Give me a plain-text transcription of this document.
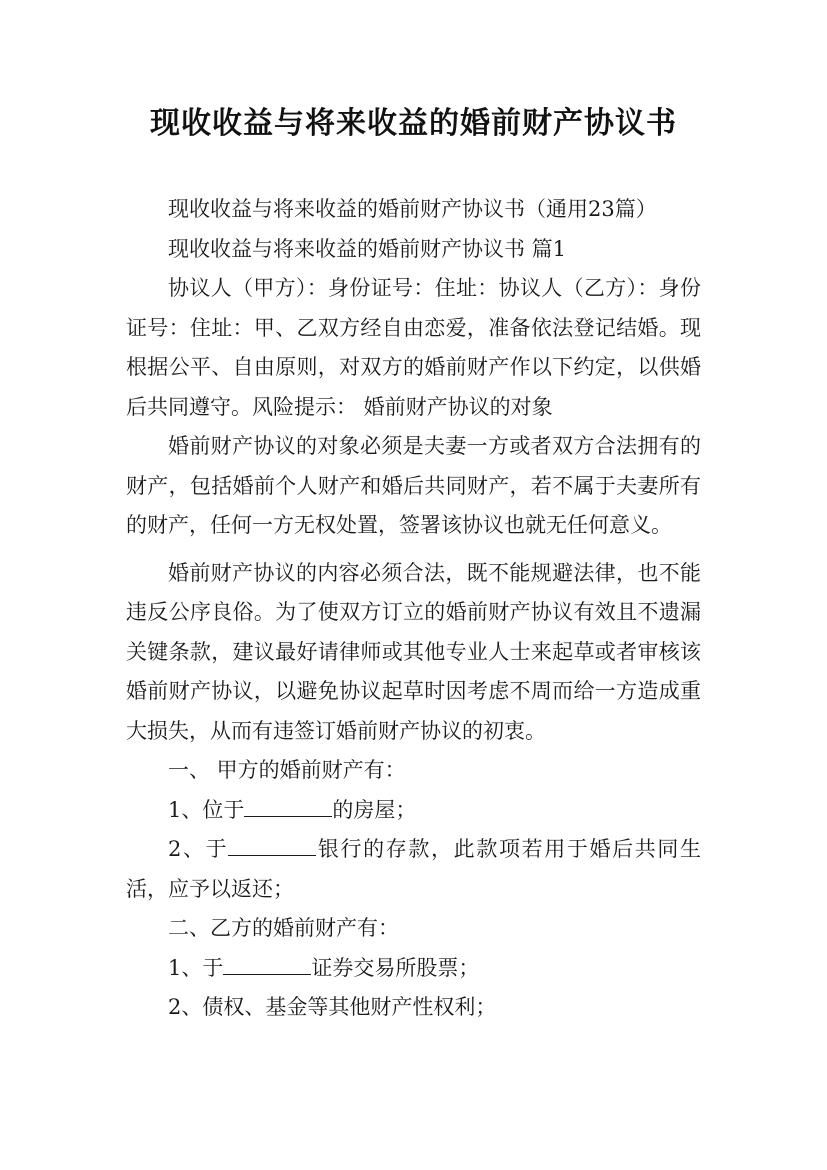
现收收益与将来收益的婚前财产协议书

现收收益与将来收益的婚前财产协议书（通用23篇）

现收收益与将来收益的婚前财产协议书 篇1

协议人（甲方）：身份证号：住址：协议人（乙方）：身份证号：住址：甲、乙双方经自由恋爱，准备依法登记结婚。现根据公平、自由原则，对双方的婚前财产作以下约定，以供婚后共同遵守。风险提示： 婚前财产协议的对象

婚前财产协议的对象必须是夫妻一方或者双方合法拥有的财产，包括婚前个人财产和婚后共同财产，若不属于夫妻所有的财产，任何一方无权处置，签署该协议也就无任何意义。

婚前财产协议的内容必须合法，既不能规避法律，也不能违反公序良俗。为了使双方订立的婚前财产协议有效且不遗漏关键条款，建议最好请律师或其他专业人士来起草或者审核该婚前财产协议，以避免协议起草时因考虑不周而给一方造成重大损失，从而有违签订婚前财产协议的初衷。

一、 甲方的婚前财产有：

1、位于	的房屋；

2、于	银行的存款，此款项若用于婚后共同生活，应予以返还；

二、乙方的婚前财产有：

1、于	证券交易所股票；

2、债权、基金等其他财产性权利；
